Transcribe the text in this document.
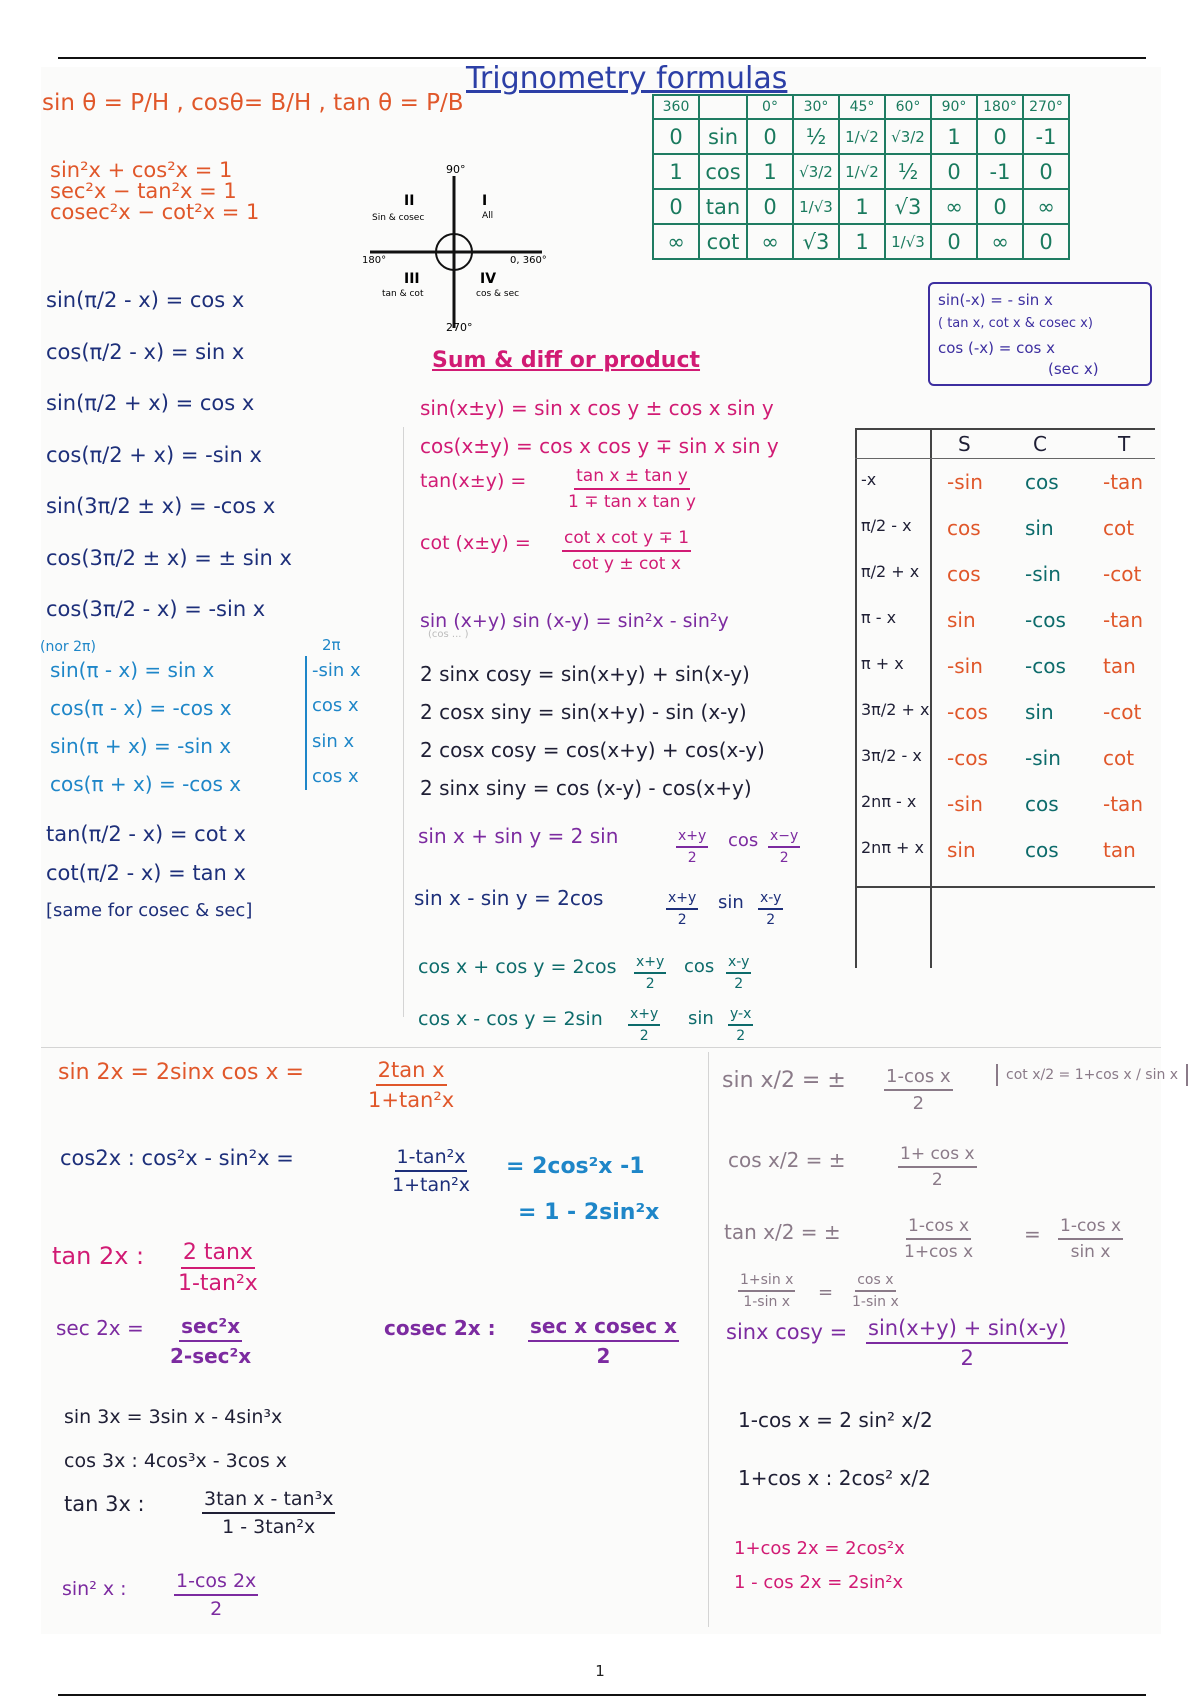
Trignometry formulas
sin θ = P/H , cosθ= B/H , tan θ = P/B
sin²x + cos²x = 1
sec²x − tan²x = 1
cosec²x − cot²x = 1
90°
270°
0, 360°
180°
II
Sin & cosec
I
All
III
tan & cot
IV
cos & sec
360		0°	30°	45°	60°	90°	180°	270°
0	sin	0	½	1/√2	√3/2	1	0	-1
1	cos	1	√3/2	1/√2	½	0	-1	0
0	tan	0	1/√3	1	√3	∞	0	∞
∞	cot	∞	√3	1	1/√3	0	∞	0
sin(-x) = - sin x
( tan x, cot x & cosec x)
cos (-x) = cos x
(sec x)
sin(π/2 - x) = cos x
cos(π/2 - x) = sin x
sin(π/2 + x) = cos x
cos(π/2 + x) = -sin x
sin(3π/2 ± x) = -cos x
cos(3π/2 ± x) = ± sin x
cos(3π/2 - x) = -sin x
(nor 2π)
sin(π - x) = sin x
cos(π - x) = -cos x
sin(π + x) = -sin x
cos(π + x) = -cos x
2π
-sin x
cos x
sin x
cos x
tan(π/2 - x) = cot x
cot(π/2 - x) = tan x
[same for cosec & sec]
Sum & diff or product
sin(x±y) = sin x cos y ± cos x sin y
cos(x±y) = cos x cos y ∓ sin x sin y
$\tan(x\pm y) = \frac{\text{tan x ± tan y}}{\text{1 ∓ tan x tan y}}$
$\cot (x\pm y) = \frac{\text{cot x cot y ∓ 1}}{\text{cot y ± cot x}}$
sin (x+y) sin (x-y) = sin²x - sin²y
(cos ... )
2 sinx cosy = sin(x+y) + sin(x-y)
2 cosx siny = sin(x+y) - sin (x-y)
2 cosx cosy = cos(x+y) + cos(x-y)
2 sinx siny = cos (x-y) - cos(x+y)
sin x + sin y = 2 sin	$\frac{x+y}{2}$ $\cos \frac{x-y}{2}$
sin x - sin y = 2cos	$\frac{x+y}{2}$ $\sin \frac{x-y}{2}$
$\cos x + \cos y = 2\cos \frac{x+y}{2}$ $\cos \frac{x-y}{2}$
$\cos x - \cos y = 2\sin \frac{x+y}{2}$ $\sin \frac{y-x}{2}$
S	C	T
-x	-sin cos -tan
π/2 - x cos sin cot
π/2 + x cos -sin -cot
π - x	sin -cos -tan
π + x -sin -cos tan
3π/2 + x -cos sin -cot
3π/2 - x -cos -sin cot
2nπ - x -sin cos -tan
2nπ + x sin cos tan
sin 2x = 2sinx cos x =	$\frac{\text{2tan x}}{\text{1+tan²x}}$
cos2x : cos²x - sin²x =	$\frac{\text{1-tan²x}}{\text{1+tan²x}} = 2\cos^2x$ -1
= 1 - 2sin²x
tan 2x : $\frac{2 \tan x}{\text{1-tan²x}}$
sec 2x = sec²x
2-sec²x
cosec 2x : sec x cosec x
2
sin 3x = 3sin x - 4sin³x
cos 3x : 4cos³x - 3cos x
tan 3x :	$\frac{\text{3tan x - tan³x}}{\text{1 - 3tan²x}}$
sin² x : $\frac{1-\cos 2x}{2}$
sin x/2 = ± $\frac{\text{1-cos x}}{2}$	cot x/2 = 1+cos x / sin x
cos x/2 = ±	$\frac{\text{1+ cos x}}{2}$
tan x/2 = ±	$\frac{\text{1-cos x}}{\text{1+cos x}}$	= $\frac{\text{1-cos x}}{\text{sin x}}$
$\frac{\text{1+sin x}}{\text{1-sin x}} = \frac{\text{cos x}}{\text{1-sin x}}$
sinx $\cos y = \frac{\sin(x+y) + \sin(x-y)}{2}$
1-cos x = 2 sin² x/2
1+cos x : 2cos² x/2
1+cos 2x = 2cos²x
1 - cos 2x = 2sin²x
1
